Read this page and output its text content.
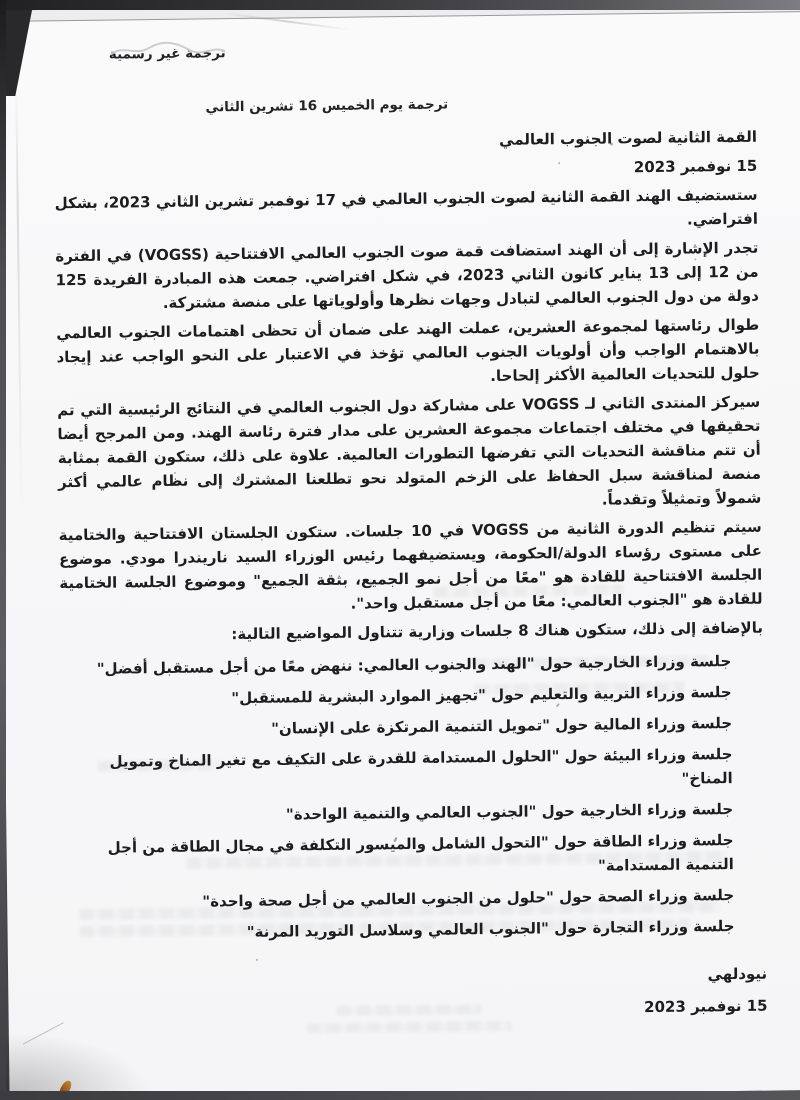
ترجمة غير رسمية
ترجمة يوم الخميس 16 تشرين الثاني
القمة الثانية لصوت الجنوب العالمي
15 نوفمبر 2023

ستستضيف الهند القمة الثانية لصوت الجنوب العالمي في 17 نوفمبر تشرين الثاني 2023، بشكل افتراضي.

تجدر الإشارة إلى أن الهند استضافت قمة صوت الجنوب العالمي الافتتاحية (VOGSS) في الفترة من 12 إلى 13 يناير كانون الثاني 2023، في شكل افتراضي. جمعت هذه المبادرة الفريدة 125 دولة من دول الجنوب العالمي لتبادل وجهات نظرها وأولوياتها على منصة مشتركة.

طوال رئاستها لمجموعة العشرين، عملت الهند على ضمان أن تحظى اهتمامات الجنوب العالمي بالاهتمام الواجب وأن أولويات الجنوب العالمي تؤخذ في الاعتبار على النحو الواجب عند إيجاد حلول للتحديات العالمية الأكثر إلحاحا.

سيركز المنتدى الثاني لـ VOGSS على مشاركة دول الجنوب العالمي في النتائج الرئيسية التي تم تحقيقها في مختلف اجتماعات مجموعة العشرين على مدار فترة رئاسة الهند. ومن المرجح أيضا أن تتم مناقشة التحديات التي تفرضها التطورات العالمية. علاوة على ذلك، ستكون القمة بمثابة منصة لمناقشة سبل الحفاظ على الزخم المتولد نحو تطلعنا المشترك إلى نظام عالمي أكثر شمولاً وتمثيلاً وتقدماً.

سيتم تنظيم الدورة الثانية من VOGSS في 10 جلسات. ستكون الجلستان الافتتاحية والختامية على مستوى رؤساء الدولة/الحكومة، ويستضيفهما رئيس الوزراء السيد ناريندرا مودي. موضوع الجلسة الافتتاحية للقادة هو "معًا من أجل نمو الجميع، بثقة الجميع" وموضوع الجلسة الختامية للقادة هو "الجنوب العالمي: معًا من أجل مستقبل واحد".

بالإضافة إلى ذلك، ستكون هناك 8 جلسات وزارية تتناول المواضيع التالية:
جلسة وزراء الخارجية حول "الهند والجنوب العالمي: ننهض معًا من أجل مستقبل أفضل"
جلسة وزراء التربية والتعليم حول "تجهيز الموارد البشرية للمستقبل"
جلسة وزراء المالية حول "تمويل التنمية المرتكزة على الإنسان"
جلسة وزراء البيئة حول "الحلول المستدامة للقدرة على التكيف مع تغير المناخ وتمويل المناخ"
جلسة وزراء الخارجية حول "الجنوب العالمي والتنمية الواحدة"
جلسة وزراء الطاقة حول "التحول الشامل والميسور التكلفة في مجال الطاقة من أجل التنمية المستدامة"
جلسة وزراء الصحة حول "حلول من الجنوب العالمي من أجل صحة واحدة"
جلسة وزراء التجارة حول "الجنوب العالمي وسلاسل التوريد المرنة"
نيودلهي
15 نوفمبر 2023
